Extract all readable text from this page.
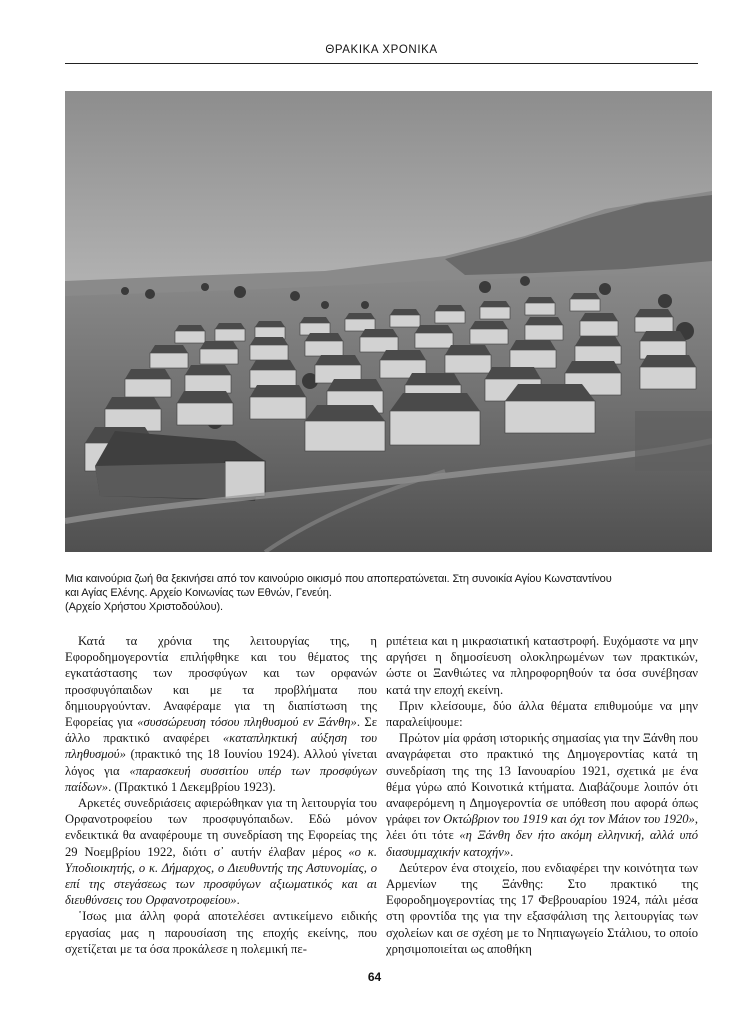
ΘΡΑΚΙΚΑ ΧΡΟΝΙΚΑ
Μια καινούρια ζωή θα ξεκινήσει από τον καινούριο οικισμό που αποπερατώνεται. Στη συνοικία Αγίου Κωνσταντίνου
και Αγίας Ελένης. Αρχείο Κοινωνίας των Εθνών, Γενεύη.
(Αρχείο Χρήστου Χριστοδούλου).

Κατά τα χρόνια της λειτουργίας της, η Εφοροδημογεροντία επιλήφθηκε και του θέματος της εγκατάστασης των προσφύγων και των ορφανών προσφυγόπαιδων και με τα προβλήματα που δημιουργούνταν. Αναφέραμε για τη διαπίστωση της Εφορείας για «συσσώρευση τόσου πληθυσμού εν Ξάνθη». Σε άλλο πρακτικό αναφέρει «καταπληκτική αύξηση του πληθυσμού» (πρακτικό της 18 Ιουνίου 1924). Αλλού γίνεται λόγος για «παρασκευή συσσιτίου υπέρ των προσφύγων παίδων». (Πρακτικό 1 Δεκεμβρίου 1923).

Αρκετές συνεδριάσεις αφιερώθηκαν για τη λειτουργία του Ορφανοτροφείου των προσφυγόπαιδων. Εδώ μόνον ενδεικτικά θα αναφέρουμε τη συνεδρίαση της Εφορείας της 29 Νοεμβρίου 1922, διότι σ᾽ αυτήν έλαβαν μέρος «ο κ. Υποδιοικητής, ο κ. Δήμαρχος, ο Διευθυντής της Αστυνομίας, ο επί της στεγάσεως των προσφύγων αξιωματικός και αι διευθύνσεις του Ορφανοτροφείου».

῾Ισως μια άλλη φορά αποτελέσει αντικείμενο ειδικής εργασίας μας η παρουσίαση της εποχής εκείνης, που σχετίζεται με τα όσα προκάλεσε η πολεμική πε-

ριπέτεια και η μικρασιατική καταστροφή. Ευχόμαστε να μην αργήσει η δημοσίευση ολοκληρωμένων των πρακτικών, ώστε οι Ξανθιώτες να πληροφορηθούν τα όσα συνέβησαν κατά την εποχή εκείνη.

Πριν κλείσουμε, δύο άλλα θέματα επιθυμούμε να μην παραλείψουμε:

Πρώτον μία φράση ιστορικής σημασίας για την Ξάνθη που αναγράφεται στο πρακτικό της Δημογεροντίας κατά τη συνεδρίαση της της 13 Ιανουαρίου 1921, σχετικά με ένα θέμα γύρω από Κοινοτικά κτήματα. Διαβάζουμε λοιπόν ότι αναφερόμενη η Δημογεροντία σε υπόθεση που αφορά όπως γράφει τον Οκτώβριον του 1919 και όχι τον Μάιον του 1920», λέει ότι τότε «η Ξάνθη δεν ήτο ακόμη ελληνική, αλλά υπό διασυμμαχικήν κατοχήν».

Δεύτερον ένα στοιχείο, που ενδιαφέρει την κοινότητα των Αρμενίων της Ξάνθης: Στο πρακτικό της Εφοροδημογεροντίας της 17 Φεβρουαρίου 1924, πάλι μέσα στη φροντίδα της για την εξασφάλιση της λειτουργίας των σχολείων και σε σχέση με το Νηπιαγωγείο Στάλιου, το οποίο χρησιμοποιείται ως αποθήκη

64
